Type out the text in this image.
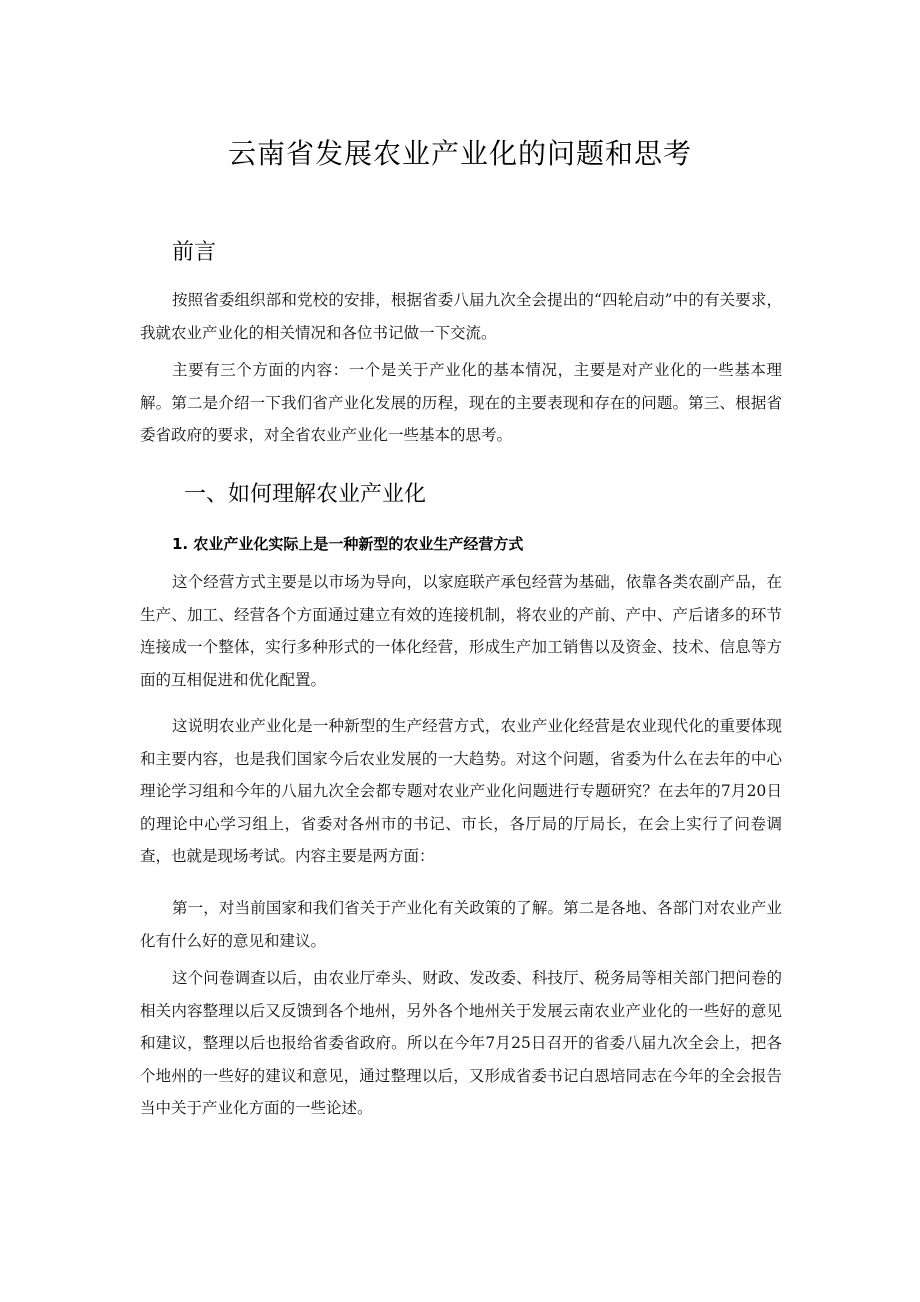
云南省发展农业产业化的问题和思考
前言

按照省委组织部和党校的安排，根据省委八届九次全会提出的“四轮启动”中的有关要求，我就农业产业化的相关情况和各位书记做一下交流。

主要有三个方面的内容：一个是关于产业化的基本情况，主要是对产业化的一些基本理解。第二是介绍一下我们省产业化发展的历程，现在的主要表现和存在的问题。第三、根据省委省政府的要求，对全省农业产业化一些基本的思考。

一、如何理解农业产业化
1. 农业产业化实际上是一种新型的农业生产经营方式

这个经营方式主要是以市场为导向，以家庭联产承包经营为基础，依靠各类农副产品，在生产、加工、经营各个方面通过建立有效的连接机制，将农业的产前、产中、产后诸多的环节连接成一个整体，实行多种形式的一体化经营，形成生产加工销售以及资金、技术、信息等方面的互相促进和优化配置。

这说明农业产业化是一种新型的生产经营方式，农业产业化经营是农业现代化的重要体现和主要内容，也是我们国家今后农业发展的一大趋势。对这个问题，省委为什么在去年的中心理论学习组和今年的八届九次全会都专题对农业产业化问题进行专题研究？在去年的7月20日的理论中心学习组上，省委对各州市的书记、市长，各厅局的厅局长，在会上实行了问卷调查，也就是现场考试。内容主要是两方面：

第一，对当前国家和我们省关于产业化有关政策的了解。第二是各地、各部门对农业产业化有什么好的意见和建议。

这个问卷调查以后，由农业厅牵头、财政、发改委、科技厅、税务局等相关部门把问卷的相关内容整理以后又反馈到各个地州，另外各个地州关于发展云南农业产业化的一些好的意见和建议，整理以后也报给省委省政府。所以在今年7月25日召开的省委八届九次全会上，把各个地州的一些好的建议和意见，通过整理以后，又形成省委书记白恩培同志在今年的全会报告当中关于产业化方面的一些论述。
